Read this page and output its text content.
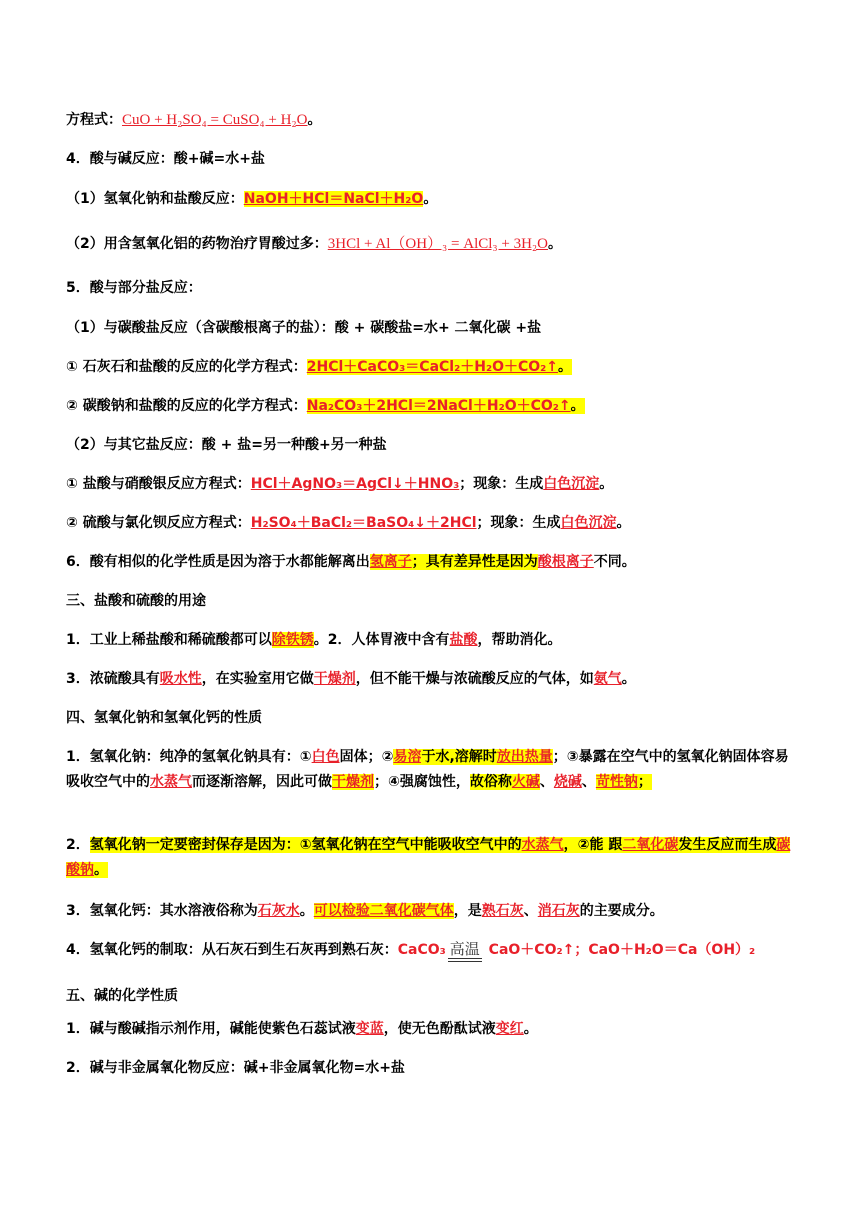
方程式：CuO + H₂SO₄ = CuSO₄ + H₂O。
4．酸与碱反应：酸+碱=水+盐
（1）氢氧化钠和盐酸反应：NaOH＋HCl＝NaCl＋H₂O。
（2）用含氢氧化铝的药物治疗胃酸过多：3HCl + Al（OH）₃ = AlCl₃ + 3H₂O。
5．酸与部分盐反应：
（1）与碳酸盐反应（含碳酸根离子的盐）：酸 + 碳酸盐=水+ 二氧化碳 +盐
① 石灰石和盐酸的反应的化学方程式：2HCl＋CaCO₃＝CaCl₂＋H₂O＋CO₂↑。
② 碳酸钠和盐酸的反应的化学方程式：Na₂CO₃＋2HCl＝2NaCl＋H₂O＋CO₂↑。
（2）与其它盐反应：酸 + 盐=另一种酸+另一种盐
① 盐酸与硝酸银反应方程式：HCl＋AgNO₃＝AgCl↓＋HNO₃；现象：生成白色沉淀。
② 硫酸与氯化钡反应方程式：H₂SO₄＋BaCl₂＝BaSO₄↓＋2HCl；现象：生成白色沉淀。
6．酸有相似的化学性质是因为溶于水都能解离出氢离子；具有差异性是因为酸根离子不同。
三、盐酸和硫酸的用途
1．工业上稀盐酸和稀硫酸都可以除铁锈。2．人体胃液中含有盐酸，帮助消化。
3．浓硫酸具有吸水性，在实验室用它做干燥剂，但不能干燥与浓硫酸反应的气体，如氨气。
四、氢氧化钠和氢氧化钙的性质
1．氢氧化钠：纯净的氢氧化钠具有：①白色固体；②易溶于水,溶解时放出热量；③暴露在空气中的氢氧化钠固体容易吸收空气中的水蒸气而逐渐溶解，因此可做干燥剂；④强腐蚀性，故俗称火碱、烧碱、苛性钠；
2．氢氧化钠一定要密封保存是因为：①氢氧化钠在空气中能吸收空气中的水蒸气，②能 跟二氧化碳发生反应而生成碳酸钠。
3．氢氧化钙：其水溶液俗称为石灰水。可以检验二氧化碳气体，是熟石灰、消石灰的主要成分。
4．氢氧化钙的制取：从石灰石到生石灰再到熟石灰：CaCO₃ 高温 CaO＋CO₂↑；CaO＋H₂O＝Ca（OH）₂
五、碱的化学性质
1．碱与酸碱指示剂作用，碱能使紫色石蕊试液变蓝，使无色酚酞试液变红。
2．碱与非金属氧化物反应：碱+非金属氧化物=水+盐
